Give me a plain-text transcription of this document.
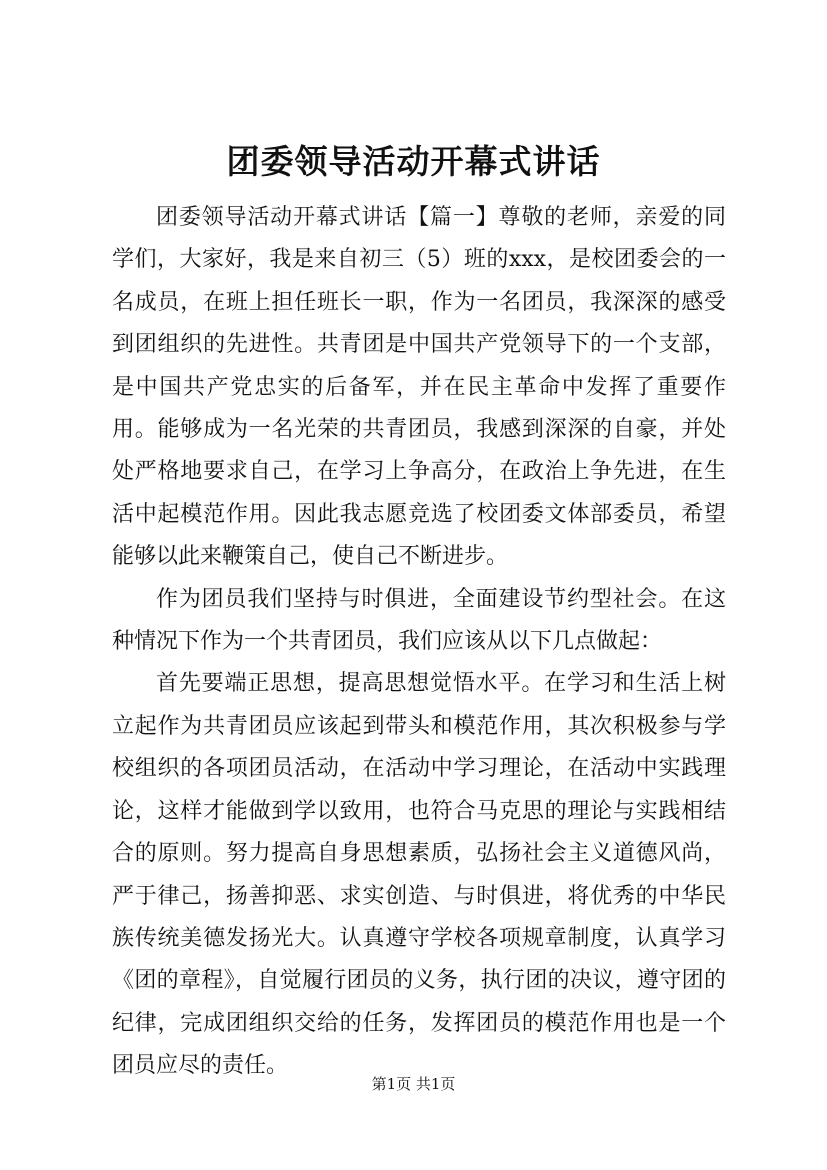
团委领导活动开幕式讲话

团委领导活动开幕式讲话【篇一】尊敬的老师，亲爱的同学们，大家好，我是来自初三（5）班的xxx，是校团委会的一名成员，在班上担任班长一职，作为一名团员，我深深的感受到团组织的先进性。共青团是中国共产党领导下的一个支部，是中国共产党忠实的后备军，并在民主革命中发挥了重要作用。能够成为一名光荣的共青团员，我感到深深的自豪，并处处严格地要求自己，在学习上争高分，在政治上争先进，在生活中起模范作用。因此我志愿竞选了校团委文体部委员，希望能够以此来鞭策自己，使自己不断进步。

作为团员我们坚持与时俱进，全面建设节约型社会。在这种情况下作为一个共青团员，我们应该从以下几点做起：

首先要端正思想，提高思想觉悟水平。在学习和生活上树立起作为共青团员应该起到带头和模范作用，其次积极参与学校组织的各项团员活动，在活动中学习理论，在活动中实践理论，这样才能做到学以致用，也符合马克思的理论与实践相结合的原则。努力提高自身思想素质，弘扬社会主义道德风尚，严于律己，扬善抑恶、求实创造、与时俱进，将优秀的中华民族传统美德发扬光大。认真遵守学校各项规章制度，认真学习《团的章程》，自觉履行团员的义务，执行团的决议，遵守团的纪律，完成团组织交给的任务，发挥团员的模范作用也是一个团员应尽的责任。

第1页 共1页
